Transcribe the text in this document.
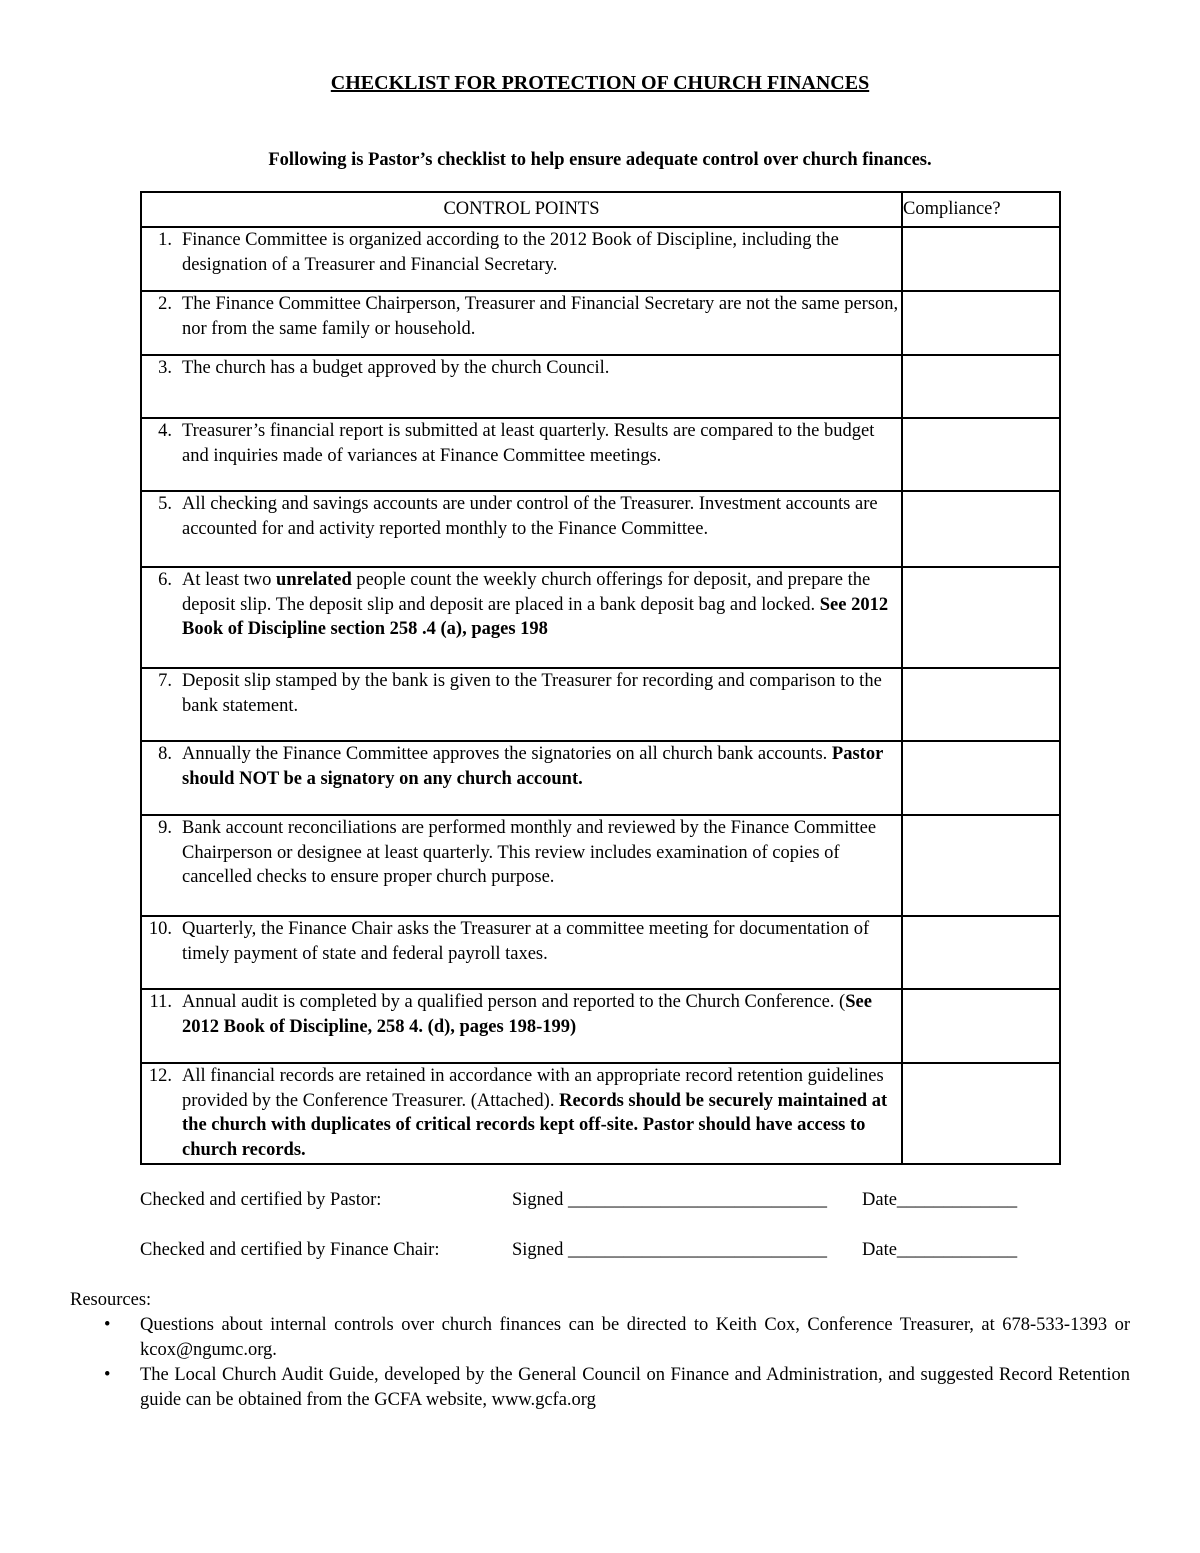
CHECKLIST FOR PROTECTION OF CHURCH FINANCES
Following is Pastor’s checklist to help ensure adequate control over church finances.
CONTROL POINTS	Compliance?

1. Finance Committee is organized according to the 2012 Book of Discipline, including the designation of a Treasurer and Financial Secretary.	

2. The Finance Committee Chairperson, Treasurer and Financial Secretary are not the same person, nor from the same family or household.	

3. The church has a budget approved by the church Council.	

4. Treasurer’s financial report is submitted at least quarterly. Results are compared to the budget and inquiries made of variances at Finance Committee meetings.	

5. All checking and savings accounts are under control of the Treasurer. Investment accounts are accounted for and activity reported monthly to the Finance Committee.	

6. At least two unrelated people count the weekly church offerings for deposit, and prepare the deposit slip. The deposit slip and deposit are placed in a bank deposit bag and locked. See 2012 Book of Discipline section 258 .4 (a), pages 198	

7. Deposit slip stamped by the bank is given to the Treasurer for recording and comparison to the bank statement.	

8. Annually the Finance Committee approves the signatories on all church bank accounts. Pastor should NOT be a signatory on any church account.	

9. Bank account reconciliations are performed monthly and reviewed by the Finance Committee Chairperson or designee at least quarterly. This review includes examination of copies of cancelled checks to ensure proper church purpose.	

10. Quarterly, the Finance Chair asks the Treasurer at a committee meeting for documentation of timely payment of state and federal payroll taxes.	

11. Annual audit is completed by a qualified person and reported to the Church Conference. (See 2012 Book of Discipline, 258 4. (d), pages 198-199)	

12. All financial records are retained in accordance with an appropriate record retention guidelines provided by the Conference Treasurer. (Attached). Records should be securely maintained at the church with duplicates of critical records kept off-site. Pastor should have access to church records.	

Checked and certified by Pastor:	Signed ____________________________ Date_____________
Checked and certified by Finance Chair:	Signed ____________________________ Date_____________
Resources:
• Questions about internal controls over church finances can be directed to Keith Cox, Conference Treasurer, at 678-533-1393 or kcox@ngumc.org.
• The Local Church Audit Guide, developed by the General Council on Finance and Administration, and suggested Record Retention guide can be obtained from the GCFA website, www.gcfa.org
